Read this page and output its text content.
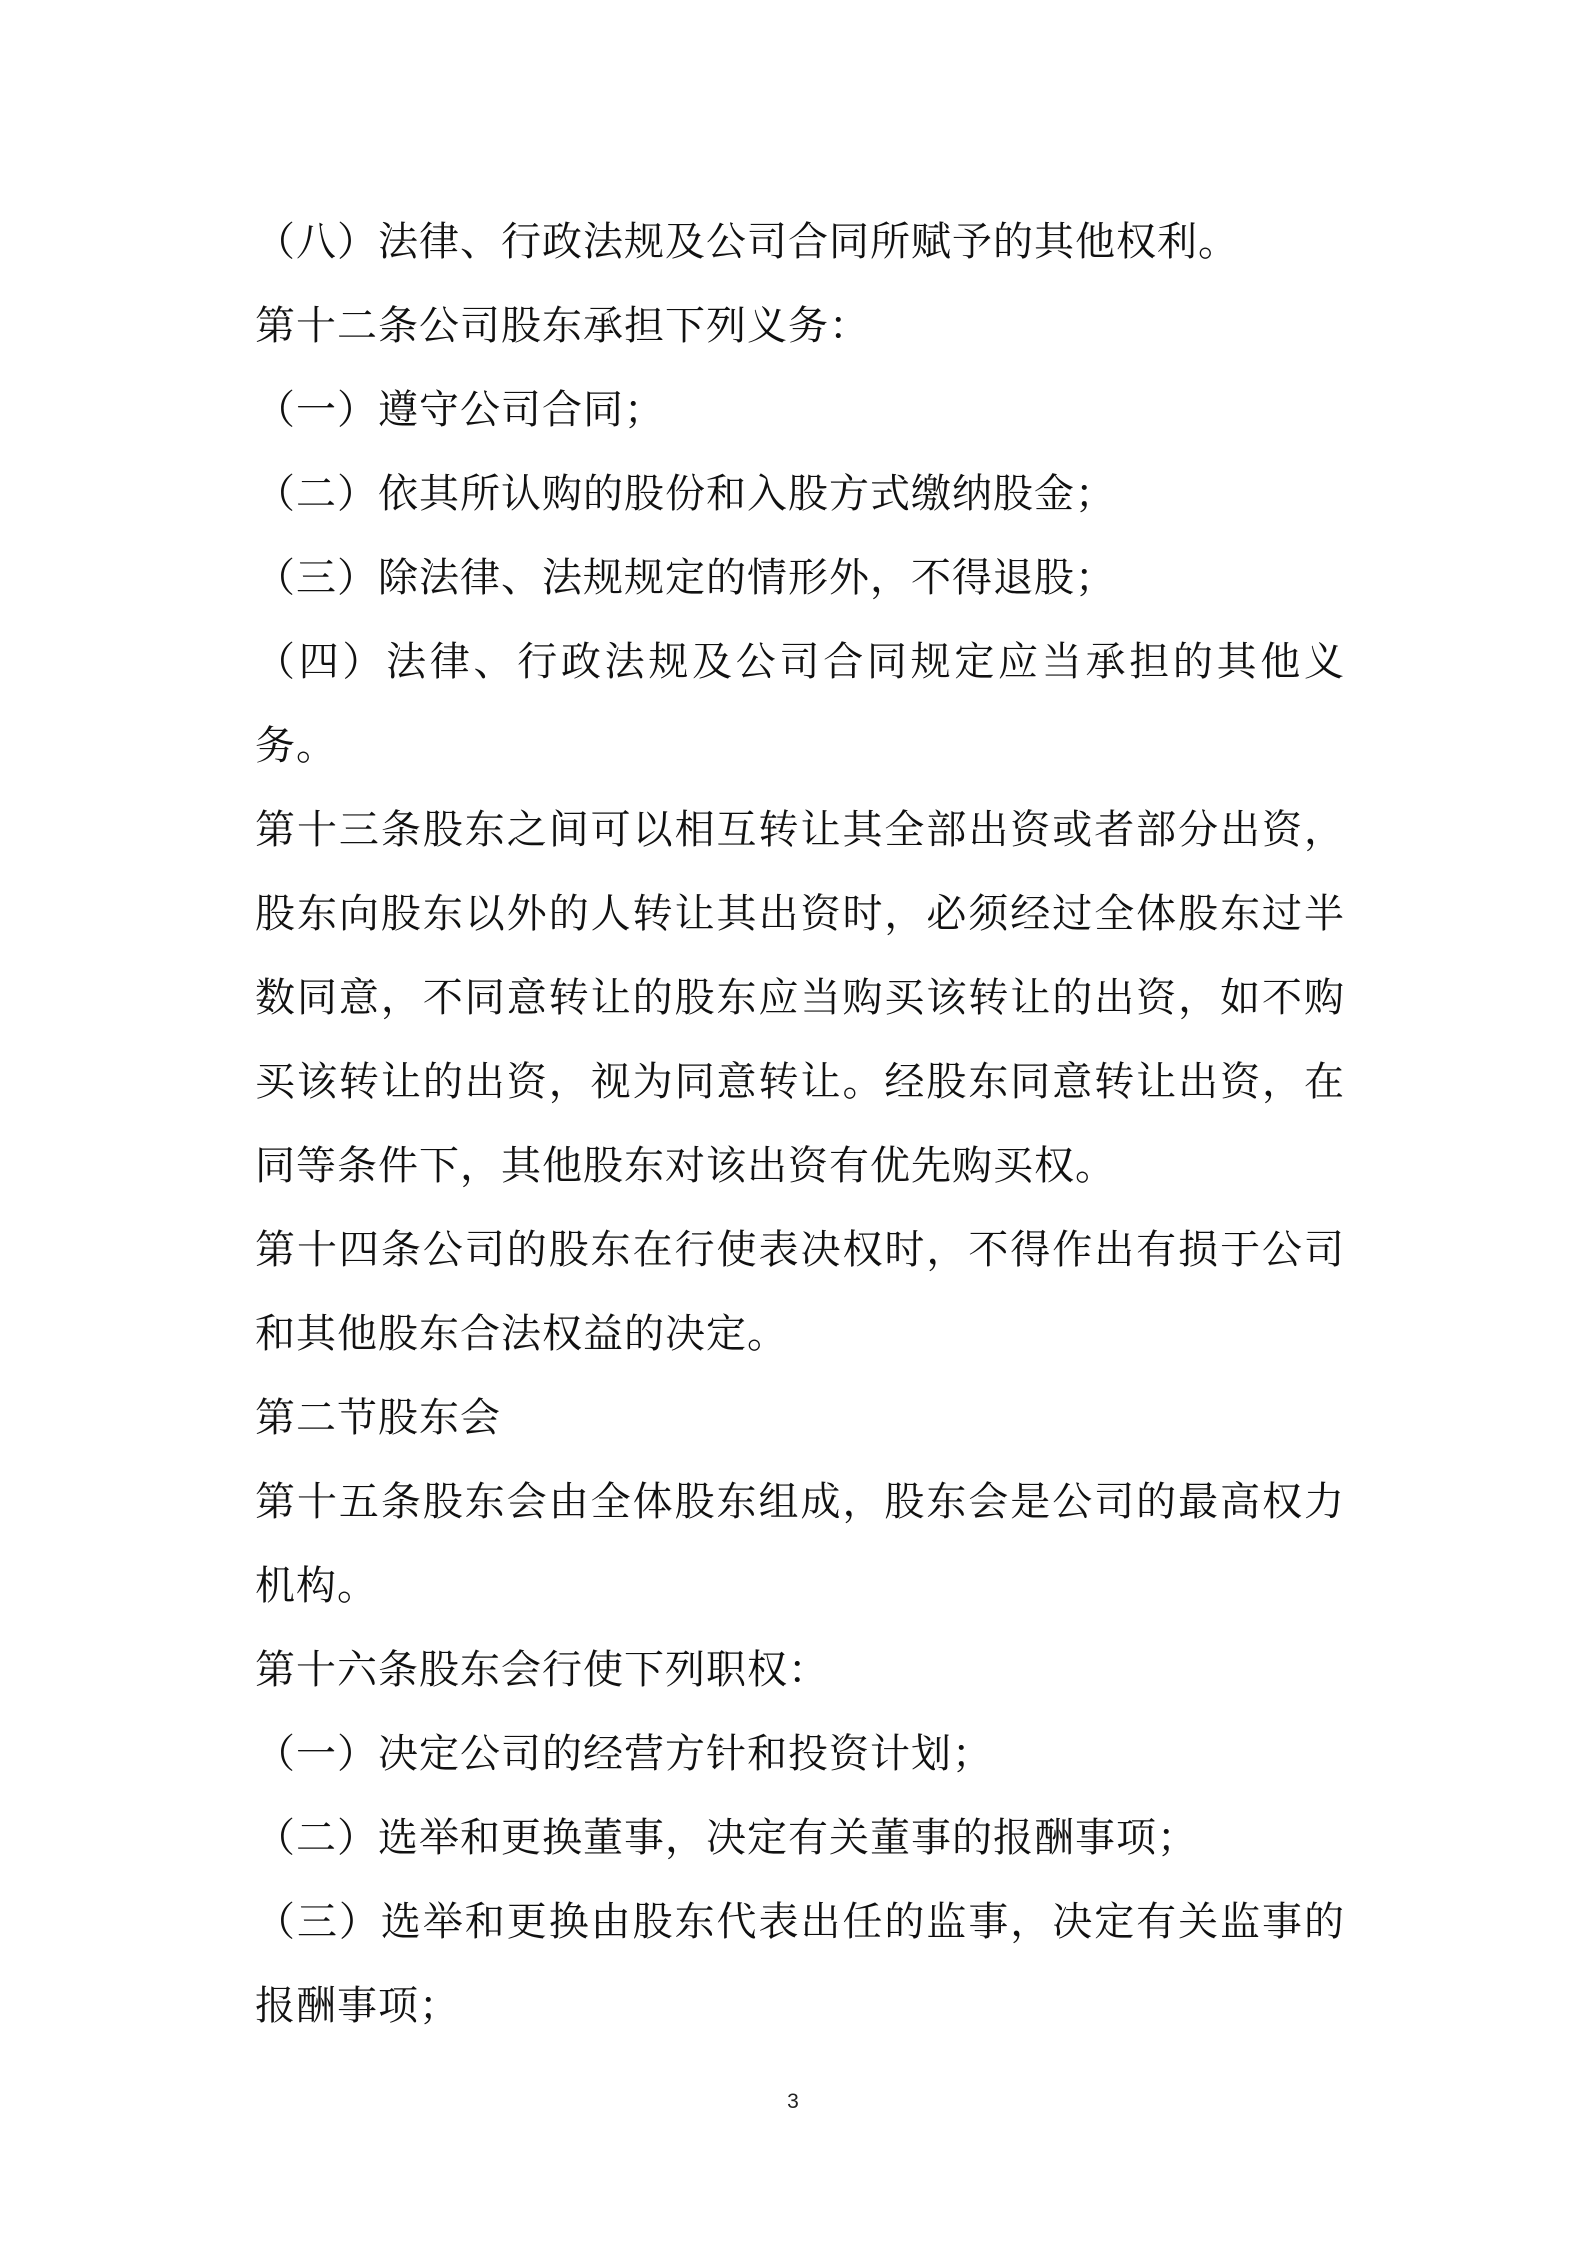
（八）法律、行政法规及公司合同所赋予的其他权利。

第十二条公司股东承担下列义务：

（一）遵守公司合同；

（二）依其所认购的股份和入股方式缴纳股金；

（三）除法律、法规规定的情形外，不得退股；

（四）法律、行政法规及公司合同规定应当承担的其他义务。

第十三条股东之间可以相互转让其全部出资或者部分出资，股东向股东以外的人转让其出资时，必须经过全体股东过半数同意，不同意转让的股东应当购买该转让的出资，如不购买该转让的出资，视为同意转让。经股东同意转让出资，在同等条件下，其他股东对该出资有优先购买权。

第十四条公司的股东在行使表决权时，不得作出有损于公司和其他股东合法权益的决定。

第二节股东会

第十五条股东会由全体股东组成，股东会是公司的最高权力机构。

第十六条股东会行使下列职权：

（一）决定公司的经营方针和投资计划；

（二）选举和更换董事，决定有关董事的报酬事项；

（三）选举和更换由股东代表出任的监事，决定有关监事的报酬事项；

3
